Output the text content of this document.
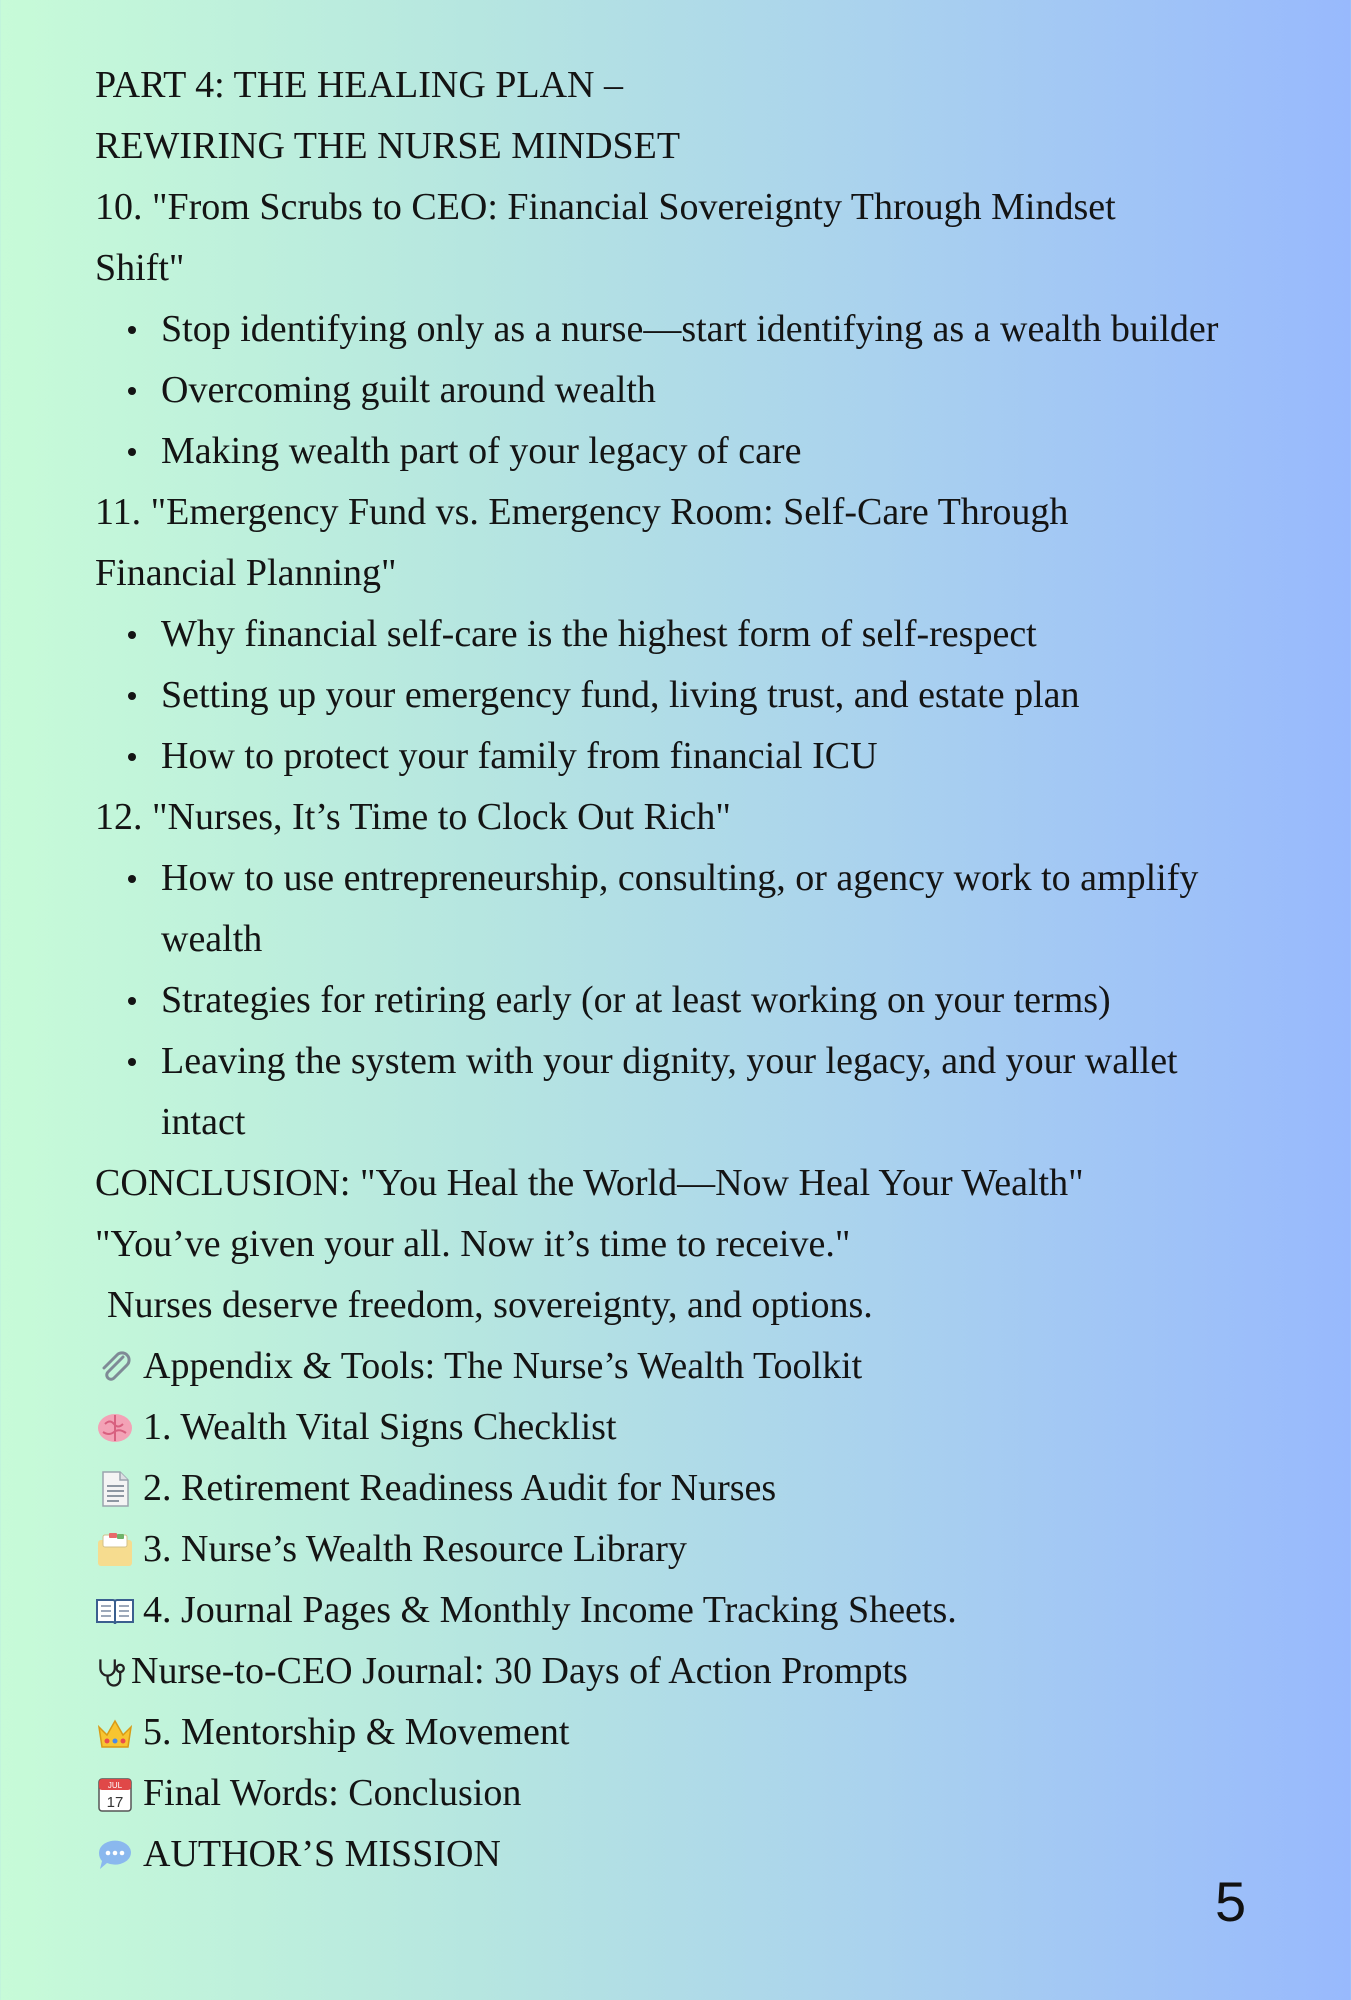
PART 4: THE HEALING PLAN –

REWIRING THE NURSE MINDSET

10. "From Scrubs to CEO: Financial Sovereignty Through Mindset

Shift"

Stop identifying only as a nurse—start identifying as a wealth builder
Overcoming guilt around wealth
Making wealth part of your legacy of care

11. "Emergency Fund vs. Emergency Room: Self-Care Through

Financial Planning"

Why financial self-care is the highest form of self-respect
Setting up your emergency fund, living trust, and estate plan
How to protect your family from financial ICU

12. "Nurses, It’s Time to Clock Out Rich"

How to use entrepreneurship, consulting, or agency work to amplify wealth
Strategies for retiring early (or at least working on your terms)
Leaving the system with your dignity, your legacy, and your wallet intact

CONCLUSION: "You Heal the World—Now Heal Your Wealth"

"You’ve given your all. Now it’s time to receive."

Nurses deserve freedom, sovereignty, and options.

Appendix & Tools: The Nurse’s Wealth Toolkit
1. Wealth Vital Signs Checklist
2. Retirement Readiness Audit for Nurses
3. Nurse’s Wealth Resource Library
4. Journal Pages & Monthly Income Tracking Sheets.
Nurse-to-CEO Journal: 30 Days of Action Prompts
5. Mentorship & Movement
JUL
17 Final Words: Conclusion
AUTHOR’S MISSION
5
